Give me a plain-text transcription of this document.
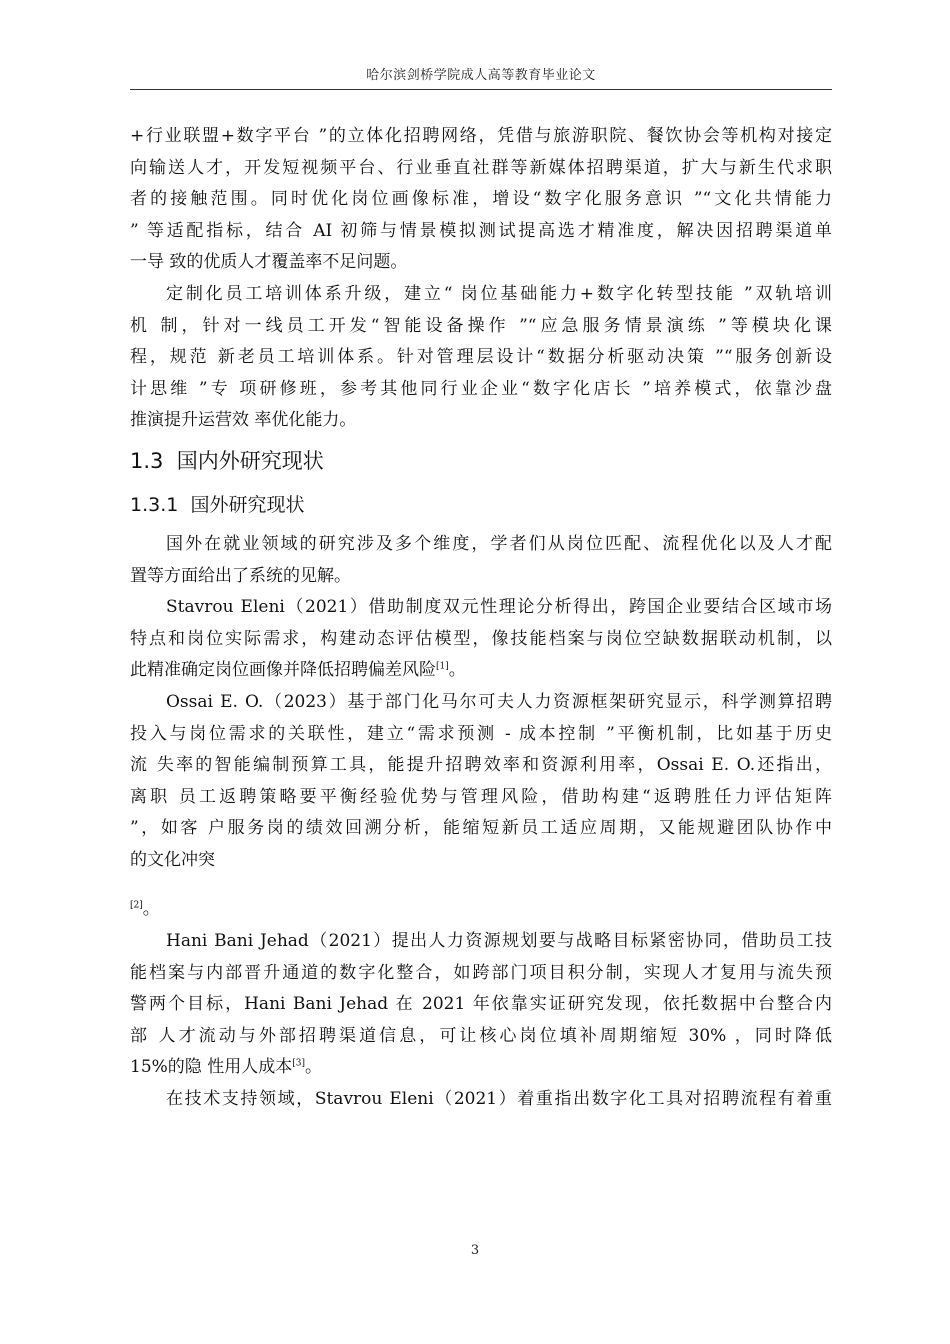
哈尔滨剑桥学院成人高等教育毕业论文
+行业联盟+数字平台 ”的立体化招聘网络，凭借与旅游职院、餐饮协会等机构对接定
向输送人才，开发短视频平台、行业垂直社群等新媒体招聘渠道，扩大与新生代求职
者的接触范围。同时优化岗位画像标准，增设“数字化服务意识 ”“文化共情能力
” 等适配指标，结合 AI 初筛与情景模拟测试提高选才精准度，解决因招聘渠道单
一导 致的优质人才覆盖率不足问题。
定制化员工培训体系升级，建立“ 岗位基础能力+数字化转型技能 ”双轨培训
机 制，针对一线员工开发“智能设备操作 ”“应急服务情景演练 ”等模块化课
程，规范 新老员工培训体系。针对管理层设计“数据分析驱动决策 ”“服务创新设
计思维 ”专 项研修班，参考其他同行业企业“数字化店长 ”培养模式，依靠沙盘
推演提升运营效 率优化能力。
1.3 国内外研究现状
1.3.1 国外研究现状
国外在就业领域的研究涉及多个维度，学者们从岗位匹配、流程优化以及人才配
置等方面给出了系统的见解。
Stavrou Eleni（2021）借助制度双元性理论分析得出，跨国企业要结合区域市场
特点和岗位实际需求，构建动态评估模型，像技能档案与岗位空缺数据联动机制，以
此精准确定岗位画像并降低招聘偏差风险[1]。
Ossai E. O.（2023）基于部门化马尔可夫人力资源框架研究显示，科学测算招聘
投入与岗位需求的关联性，建立“需求预测 - 成本控制 ”平衡机制，比如基于历史
流 失率的智能编制预算工具，能提升招聘效率和资源利用率，Ossai E. O.还指出，
离职 员工返聘策略要平衡经验优势与管理风险，借助构建“返聘胜任力评估矩阵
”，如客 户服务岗的绩效回溯分析，能缩短新员工适应周期，又能规避团队协作中
的文化冲突
[2]。
Hani Bani Jehad（2021）提出人力资源规划要与战略目标紧密协同，借助员工技
能档案与内部晋升通道的数字化整合，如跨部门项目积分制，实现人才复用与流失预
警两个目标，Hani Bani Jehad 在 2021 年依靠实证研究发现，依托数据中台整合内
部 人才流动与外部招聘渠道信息，可让核心岗位填补周期缩短 30% ，同时降低
15%的隐 性用人成本[3]。
在技术支持领域，Stavrou Eleni（2021）着重指出数字化工具对招聘流程有着重
3
